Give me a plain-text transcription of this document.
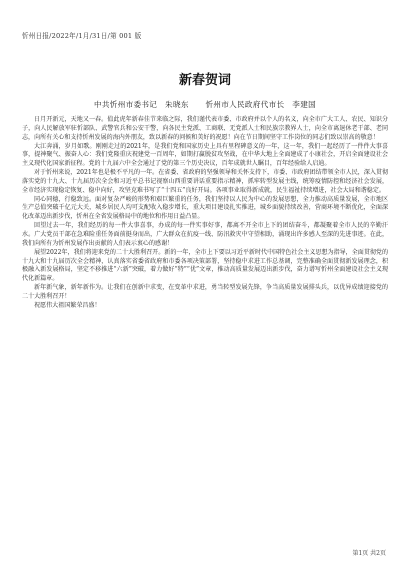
忻州日报/2022年/1月/31日/第 001 版
新春贺词
中共忻州市委书记　朱晓东 忻州市人民政府代市长　李建国

日月开新元，天地又一春。值此虎年新春佳节来临之际，我们谨代表市委、市政府并以个人的名义，向全市广大工人、农民、知识分子，向人民解放军驻忻部队、武警官兵和公安干警，向各民主党派、工商联、无党派人士和民族宗教界人士，向全市离退休老干部、老同志，向所有关心和支持忻州发展的海内外朋友，致以新春的问候和美好的祝愿！向在节日期间坚守工作岗位的同志们致以崇高的敬意！

大江奔涌，岁月如歌。刚刚走过的2021年，是我们党和国家历史上具有里程碑意义的一年，这一年，我们一起经历了一件件大事喜事，提神聚气、振奋人心：我们党隆重庆祝建党一百周年，如期打赢脱贫攻坚战，在中华大地上全面建成了小康社会，开启全面建设社会主义现代化国家新征程。党的十九届六中全会通过了党的第三个历史决议，百年成就世人瞩目，百年经验给人启迪。

对于忻州来说，2021年也是极不平凡的一年。在省委、省政府的坚强领导和关怀支持下，市委、市政府团结带领全市人民，深入贯彻落实党的十九大、十九届历次全会和习近平总书记视察山西重要讲话重要指示精神，抓牢转型发展主线，统筹疫情防控和经济社会发展，全市经济实现稳定恢复、稳中向好，攻坚克难书写了“十四五”良好开局。各项事业取得新成就，民生福祉持续增进，社会大局和谐稳定。

同心同德，行稳致远。面对复杂严峻的形势和艰巨繁重的任务，我们坚持以人民为中心的发展思想，全力推动高质量发展，全市地区生产总值突破千亿元大关，城乡居民人均可支配收入稳步增长，重大项目建设扎实推进，城乡面貌持续改善，营商环境不断优化，全面深化改革迈出新步伐，忻州在全省发展格局中的地位和作用日益凸显。

回望过去一年，我们经历的每一件大事喜事，办成的每一件实事好事，都离不开全市上下的团结奋斗，都凝聚着全市人民的辛勤汗水。广大党员干部在急难险重任务面前挺身而出，广大群众在抗疫一线、防汛救灾中守望相助，涌现出许多感人至深的先进事迹。在此，我们向所有为忻州发展作出贡献的人们表示衷心的感谢！

展望2022年，我们将迎来党的二十大胜利召开。新的一年，全市上下要以习近平新时代中国特色社会主义思想为指导，全面贯彻党的十九大和十九届历次全会精神，认真落实省委省政府和市委各项决策部署，坚持稳中求进工作总基调，完整准确全面贯彻新发展理念，积极融入新发展格局，坚定不移推进“六新”突破，着力做好“特”“优”文章，推动高质量发展迈出新步伐，奋力谱写忻州全面建设社会主义现代化新篇章。

新年新气象，新年新作为。让我们在创新中求变，在变革中求进，勇当转型发展先锋，争当高质量发展排头兵，以优异成绩迎接党的二十大胜利召开！

祝愿伟大祖国繁荣昌盛！

第1页 共2页
